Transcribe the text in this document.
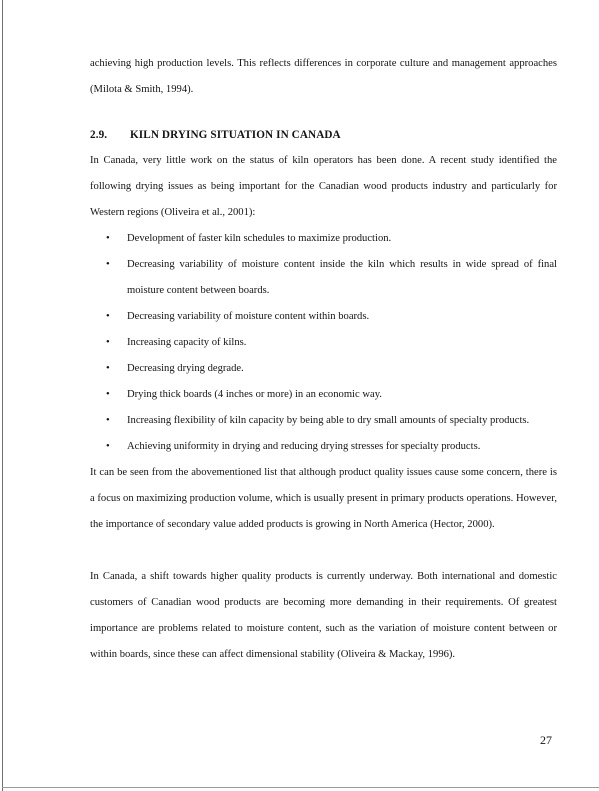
achieving high production levels. This reflects differences in corporate culture and management approaches (Milota & Smith, 1994).

2.9. KILN DRYING SITUATION IN CANADA

In Canada, very little work on the status of kiln operators has been done. A recent study identified the following drying issues as being important for the Canadian wood products industry and particularly for Western regions (Oliveira et al., 2001):

• Development of faster kiln schedules to maximize production.
• Decreasing variability of moisture content inside the kiln which results in wide spread of final moisture content between boards.
• Decreasing variability of moisture content within boards.
• Increasing capacity of kilns.
• Decreasing drying degrade.
• Drying thick boards (4 inches or more) in an economic way.
• Increasing flexibility of kiln capacity by being able to dry small amounts of specialty products.
• Achieving uniformity in drying and reducing drying stresses for specialty products.

It can be seen from the abovementioned list that although product quality issues cause some concern, there is a focus on maximizing production volume, which is usually present in primary products operations. However, the importance of secondary value added products is growing in North America (Hector, 2000).

In Canada, a shift towards higher quality products is currently underway. Both international and domestic customers of Canadian wood products are becoming more demanding in their requirements. Of greatest importance are problems related to moisture content, such as the variation of moisture content between or within boards, since these can affect dimensional stability (Oliveira & Mackay, 1996).

27
